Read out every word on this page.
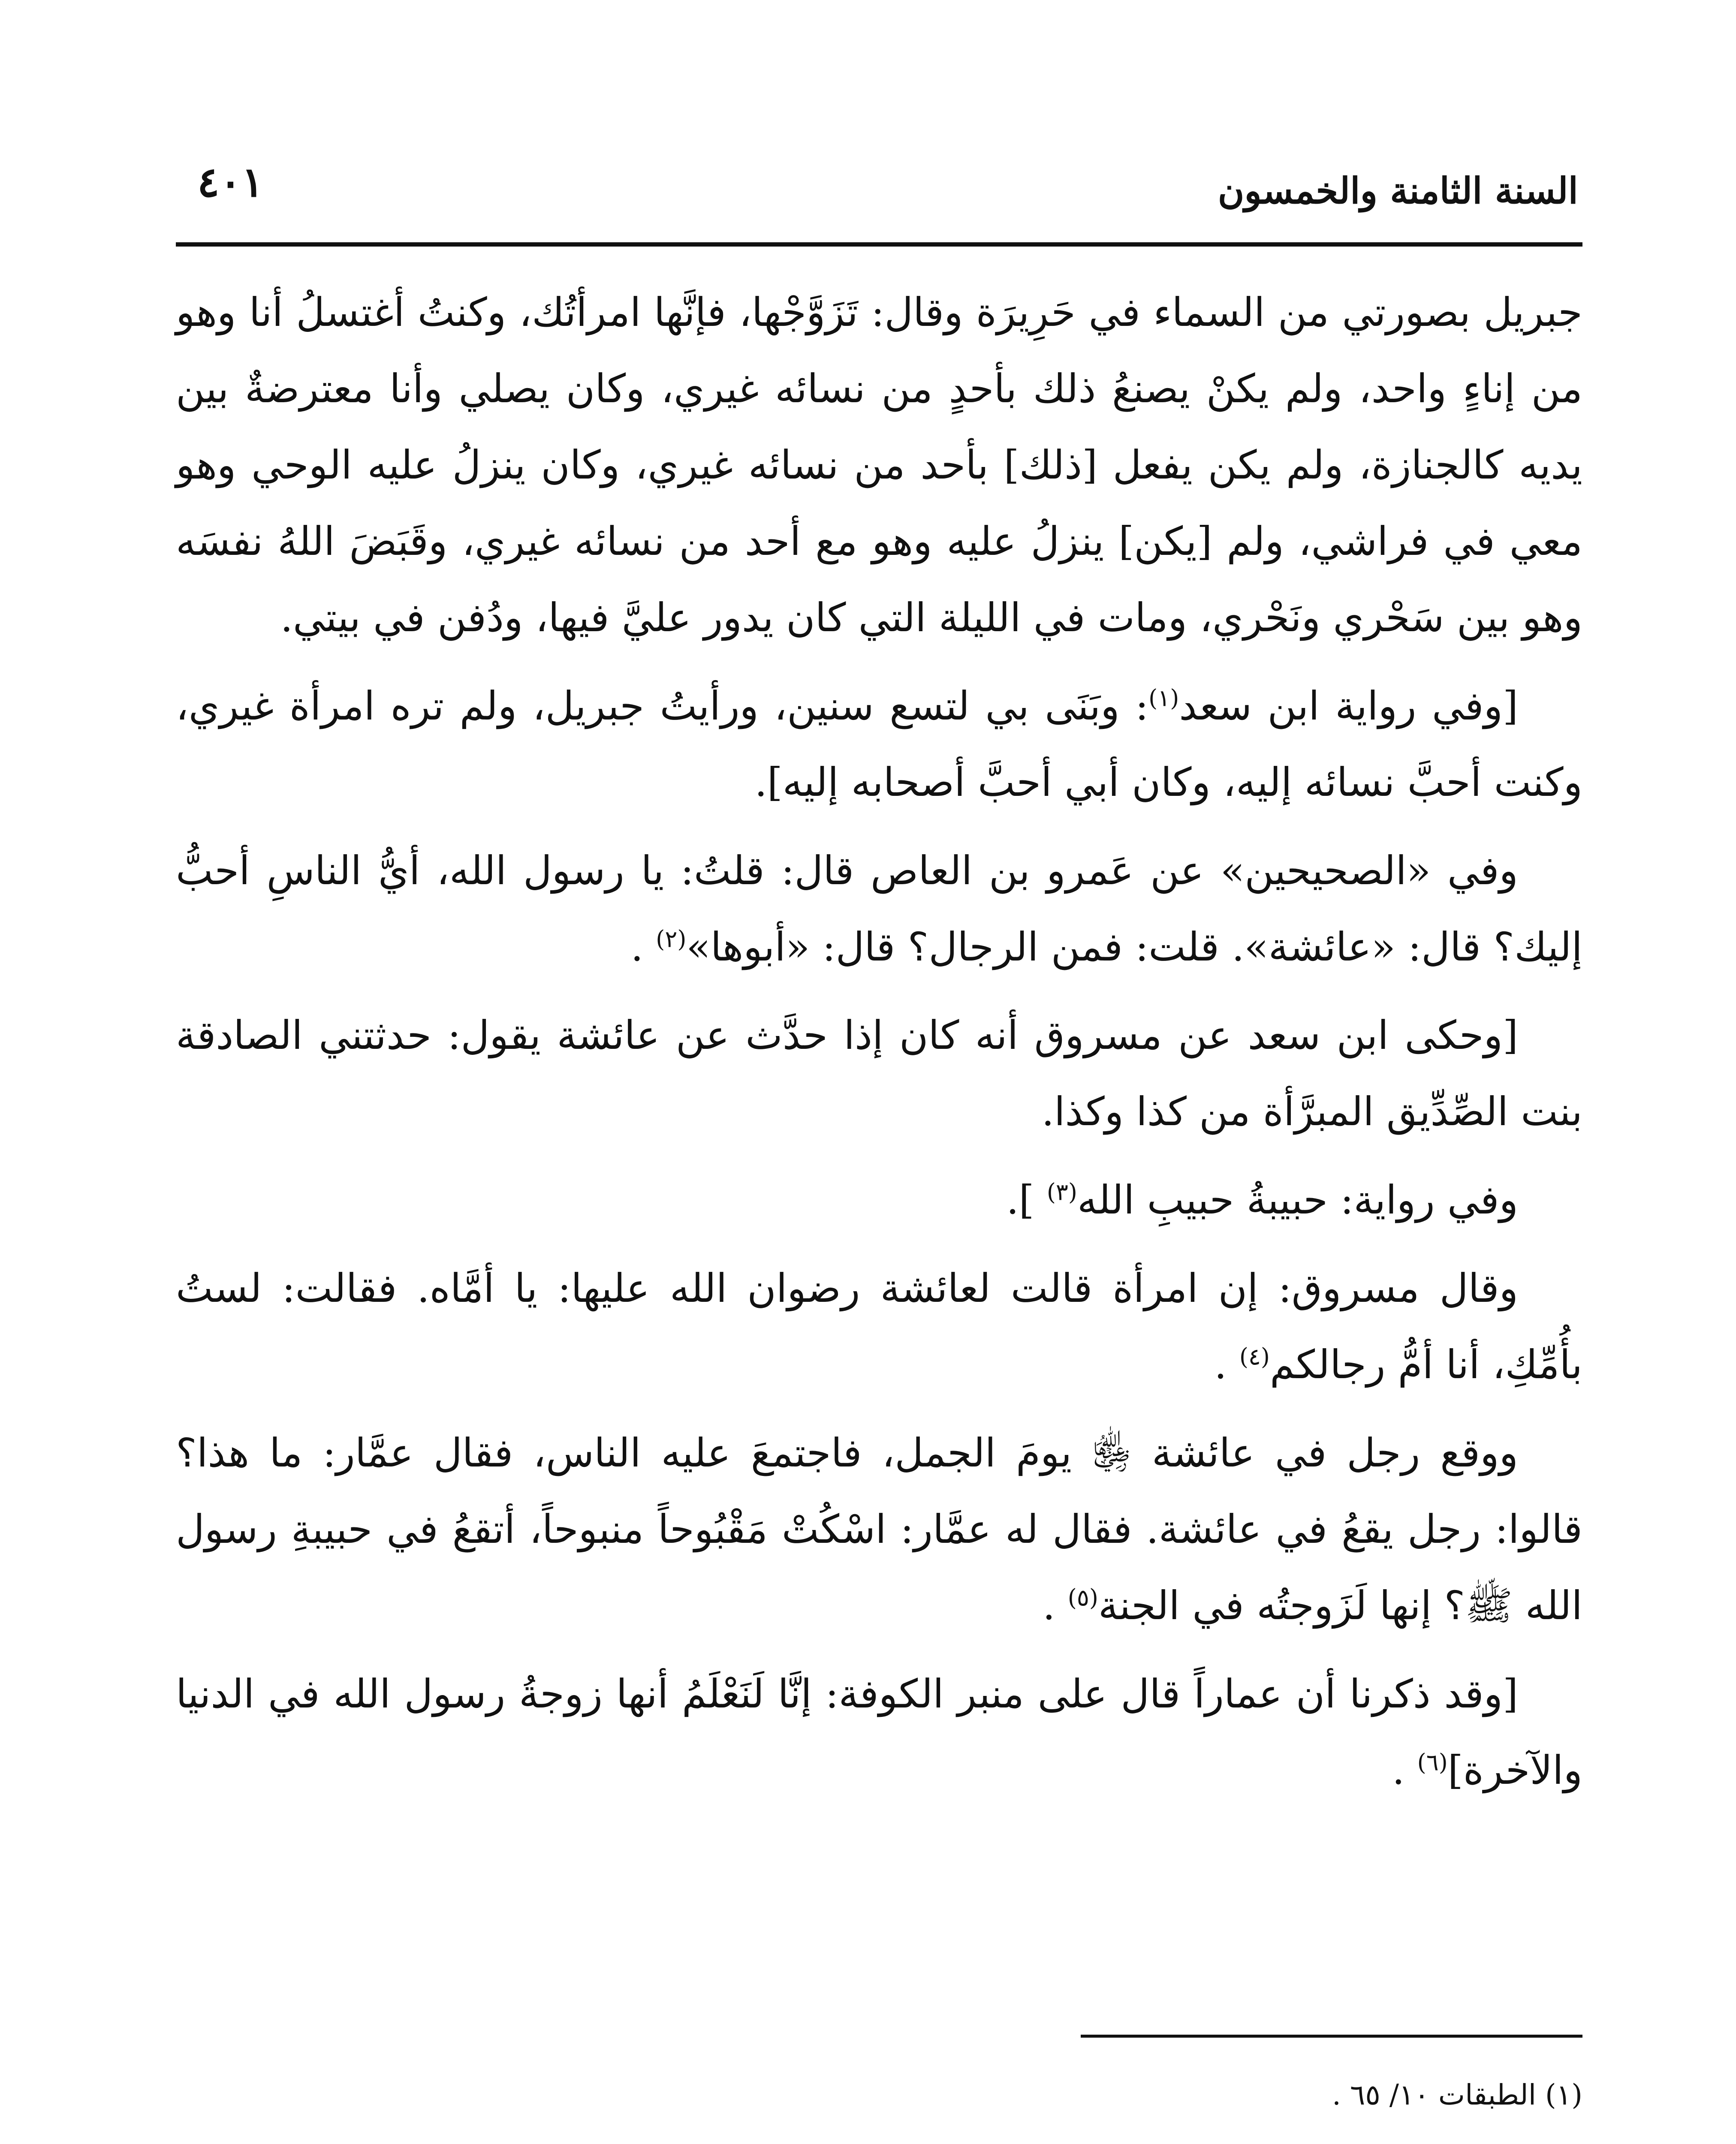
السنة الثامنة والخمسون
٤٠١

جبريل بصورتي من السماء في حَرِيرَة وقال: تَزَوَّجْها، فإنَّها امرأتُك، وكنتُ أغتسلُ أنا وهو من إناءٍ واحد، ولم يكنْ يصنعُ ذلك بأحدٍ من نسائه غيري، وكان يصلي وأنا معترضةٌ بين يديه كالجنازة، ولم يكن يفعل [ذلك] بأحد من نسائه غيري، وكان ينزلُ عليه الوحي وهو معي في فراشي، ولم [يكن] ينزلُ عليه وهو مع أحد من نسائه غيري، وقَبَضَ اللهُ نفسَه وهو بين سَحْري ونَحْري، ومات في الليلة التي كان يدور عليَّ فيها، ودُفن في بيتي.

[وفي رواية ابن سعد$^{(١)}$: وبَنَى بي لتسع سنين، ورأيتُ جبريل، ولم تره امرأة غيري، وكنت أحبَّ نسائه إليه، وكان أبي أحبَّ أصحابه إليه].

وفي «الصحيحين» عن عَمرو بن العاص قال: قلتُ: يا رسول الله، أيُّ الناسِ أحبُّ إليك؟ قال: «عائشة». قلت: فمن الرجال؟ قال: «أبوها»$^{(٢)}$ .

[وحكى ابن سعد عن مسروق أنه كان إذا حدَّث عن عائشة يقول: حدثتني الصادقة بنت الصِّدِّيق المبرَّأة من كذا وكذا.

وفي رواية: حبيبةُ حبيبِ الله$^{(٣)}$ ].

وقال مسروق: إن امرأة قالت لعائشة رضوان الله عليها: يا أمَّاه. فقالت: لستُ بأُمِّكِ، أنا أمُّ رجالكم$^{(٤)}$ .

ووقع رجل في عائشة ﵂ يومَ الجمل، فاجتمعَ عليه الناس، فقال عمَّار: ما هذا؟ قالوا: رجل يقعُ في عائشة. فقال له عمَّار: اسْكُتْ مَقْبُوحاً منبوحاً، أتقعُ في حبيبةِ رسول الله ﷺ؟ إنها لَزَوجتُه في الجنة$^{(٥)}$ .

[وقد ذكرنا أن عماراً قال على منبر الكوفة: إنَّا لَنَعْلَمُ أنها زوجةُ رسول الله في الدنيا والآخرة]$^{(٦)}$ .

(١) الطبقات ١٠/ ٦٥ .
